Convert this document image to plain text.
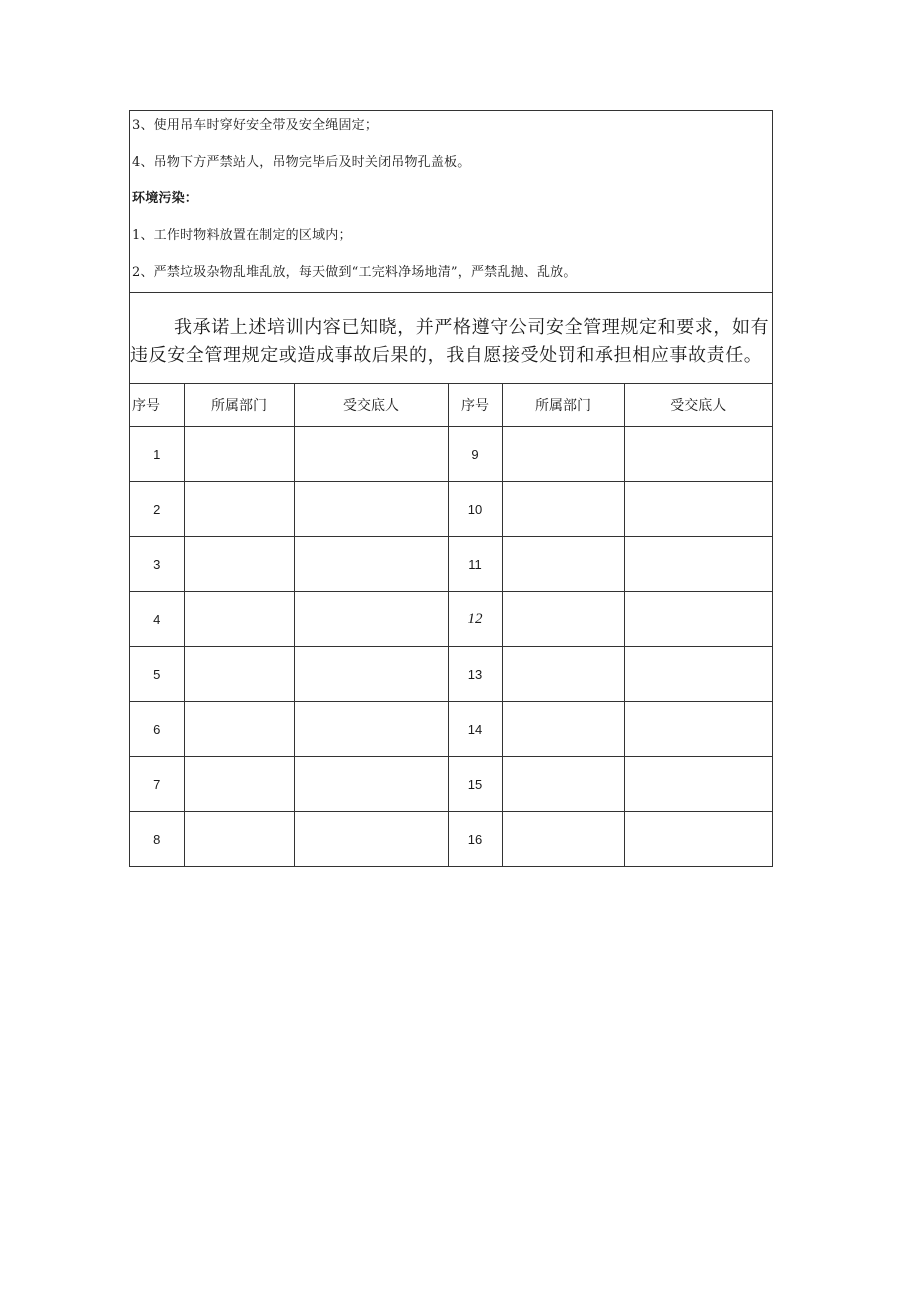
3、使用吊车时穿好安全带及安全绳固定；
4、吊物下方严禁站人，吊物完毕后及时关闭吊物孔盖板。
环境污染：
1、工作时物料放置在制定的区域内；
2、严禁垃圾杂物乱堆乱放，每天做到“工完料净场地清”，严禁乱抛、乱放。
我承诺上述培训内容已知晓，并严格遵守公司安全管理规定和要求，如有违反安全管理规定或造成事故后果的，我自愿接受处罚和承担相应事故责任。
序号	所属部门	受交底人	序号	所属部门	受交底人
1			9		
2			10		
3			11		
4			12		
5			13		
6			14		
7			15		
8			16		
